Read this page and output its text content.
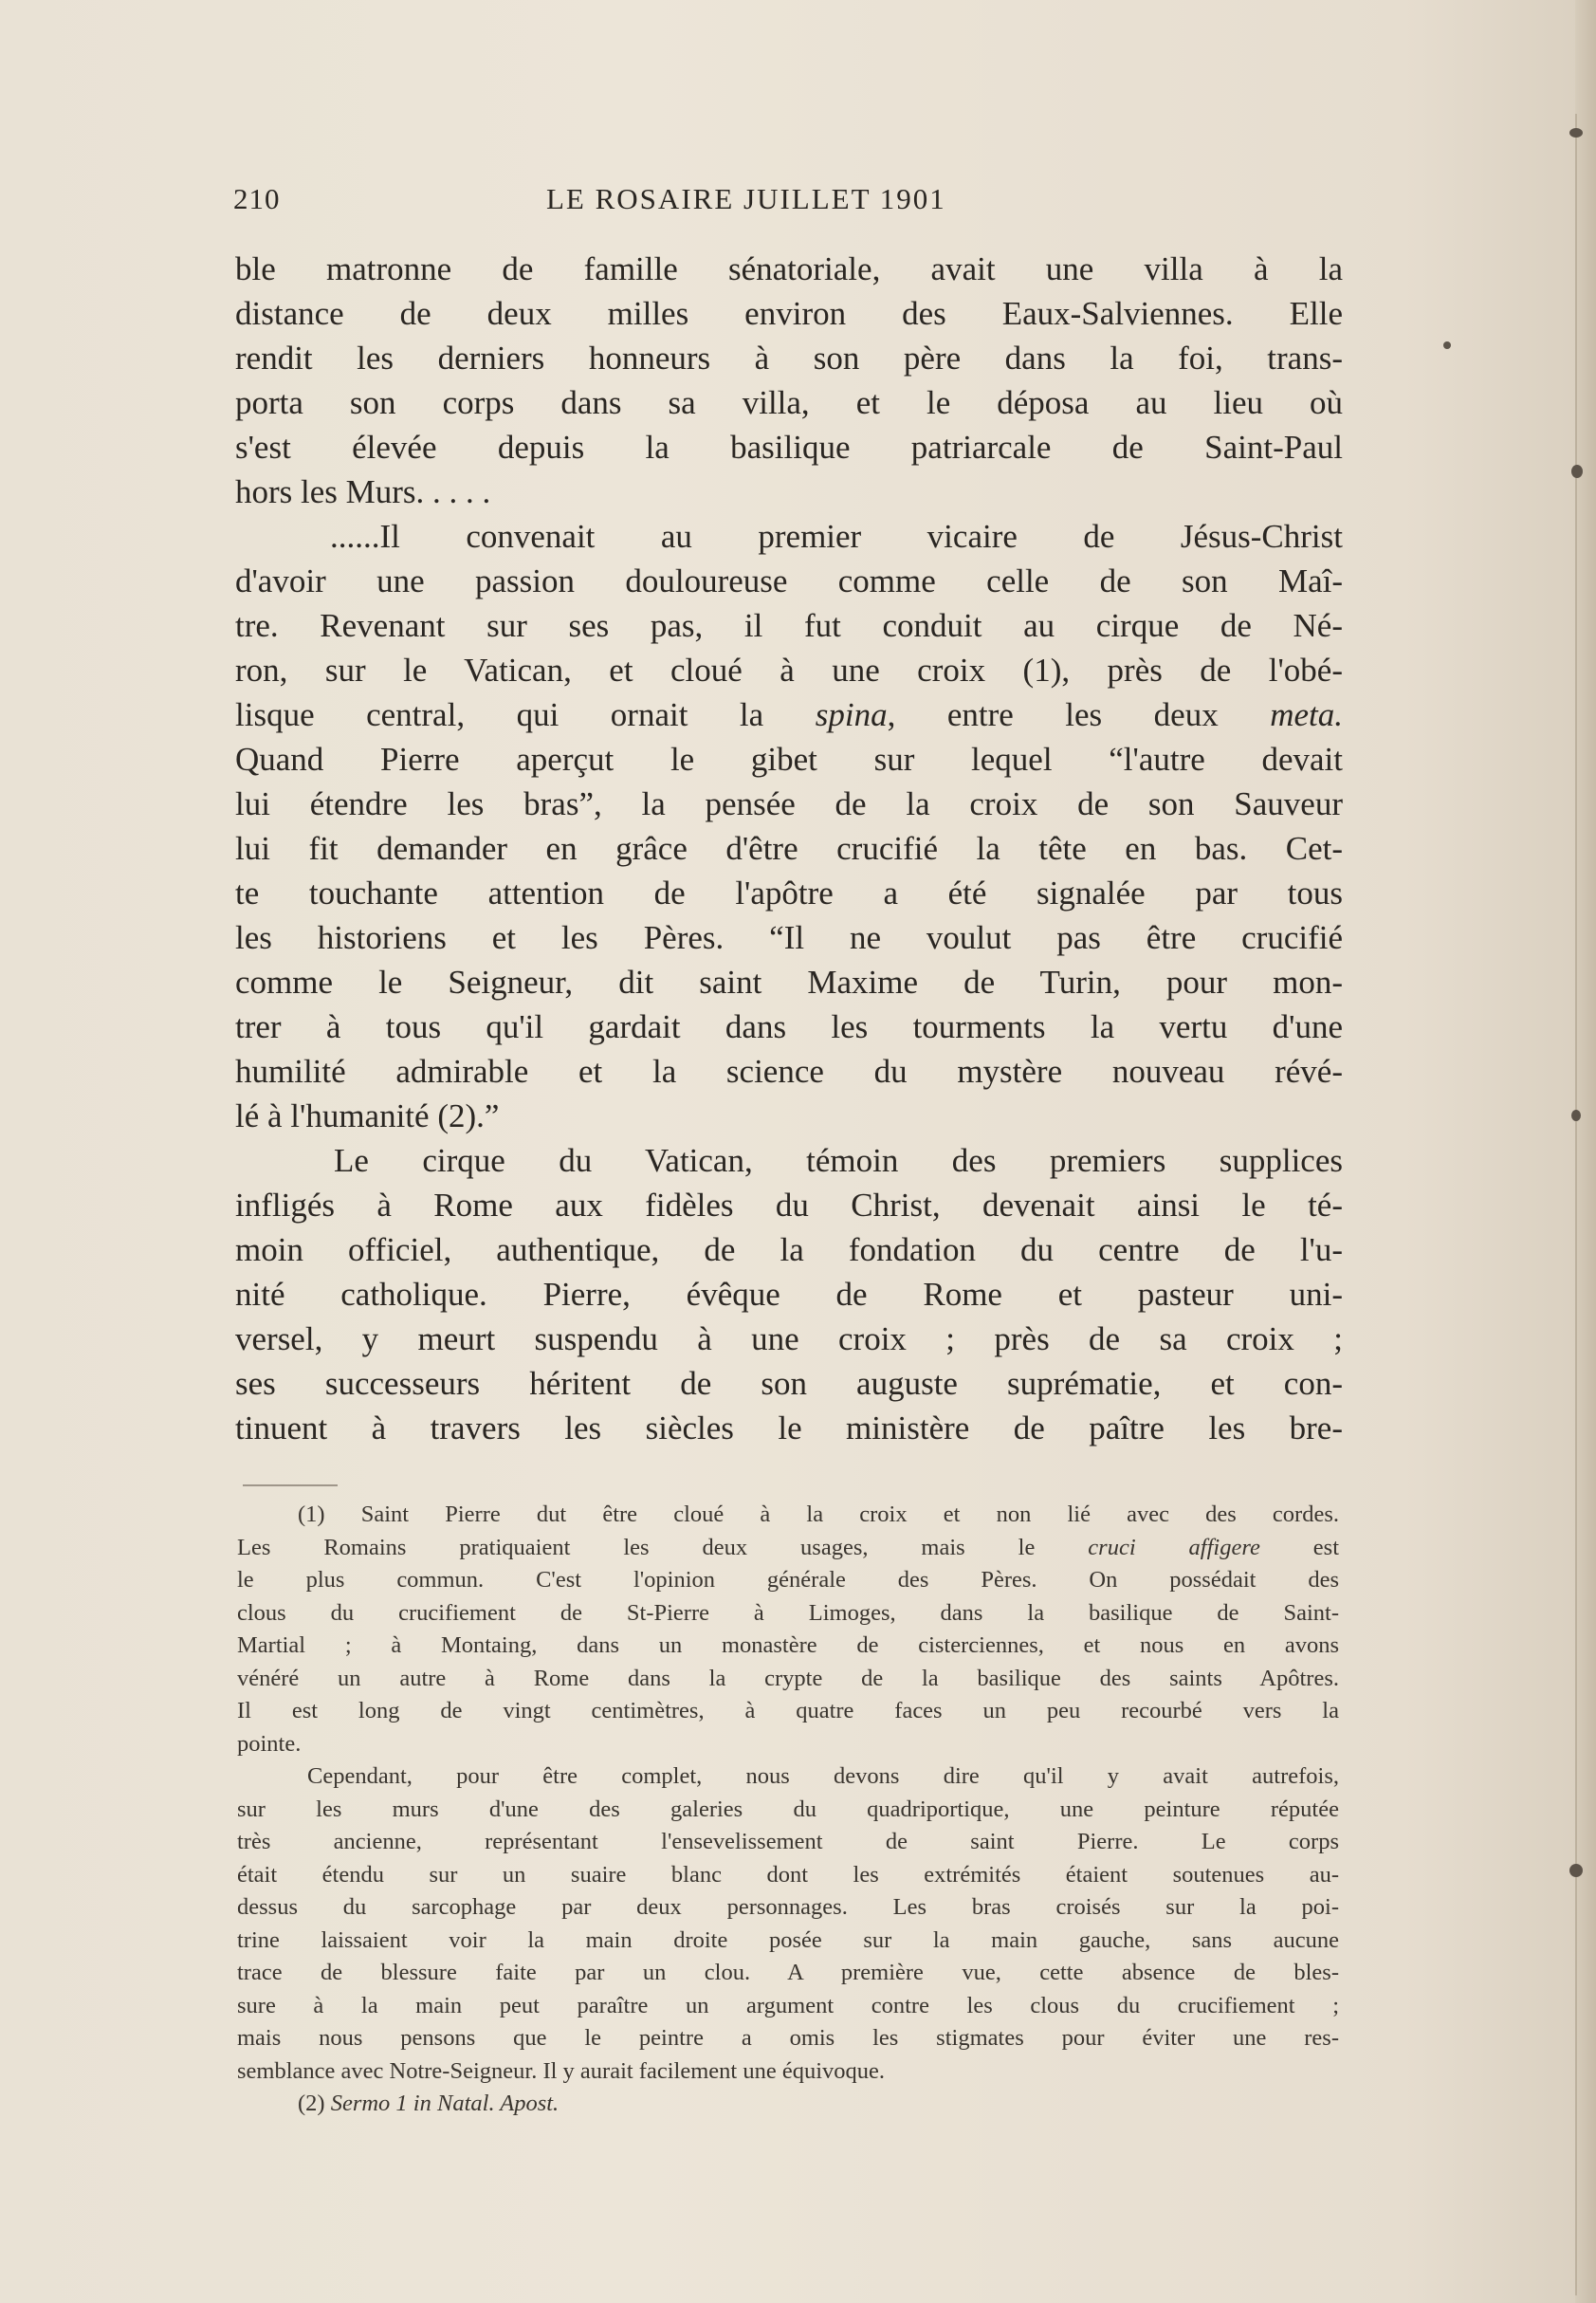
210	LE ROSAIRE JUILLET 1901
ble matronne de famille sénatoriale, avait une villa à la
distance de deux milles environ des Eaux-Salviennes. Elle
rendit les derniers honneurs à son père dans la foi, trans-
porta son corps dans sa villa, et le déposa au lieu où
s'est élevée depuis la basilique patriarcale de Saint-Paul
hors les Murs. . . . .
......Il convenait au premier vicaire de Jésus-Christ
d'avoir une passion douloureuse comme celle de son Maî-
tre. Revenant sur ses pas, il fut conduit au cirque de Né-
ron, sur le Vatican, et cloué à une croix (1), près de l'obé-
lisque central, qui ornait la spina, entre les deux meta.
Quand Pierre aperçut le gibet sur lequel “l'autre devait
lui étendre les bras”, la pensée de la croix de son Sauveur
lui fit demander en grâce d'être crucifié la tête en bas. Cet-
te touchante attention de l'apôtre a été signalée par tous
les historiens et les Pères. “Il ne voulut pas être crucifié
comme le Seigneur, dit saint Maxime de Turin, pour mon-
trer à tous qu'il gardait dans les tourments la vertu d'une
humilité admirable et la science du mystère nouveau révé-
lé à l'humanité (2).”
Le cirque du Vatican, témoin des premiers supplices
infligés à Rome aux fidèles du Christ, devenait ainsi le té-
moin officiel, authentique, de la fondation du centre de l'u-
nité catholique. Pierre, évêque de Rome et pasteur uni-
versel, y meurt suspendu à une croix ; près de sa croix ;
ses successeurs héritent de son auguste suprématie, et con-
tinuent à travers les siècles le ministère de paître les bre-
(1) Saint Pierre dut être cloué à la croix et non lié avec des cordes.
Les Romains pratiquaient les deux usages, mais le cruci affigere est
le plus commun. C'est l'opinion générale des Pères. On possédait des
clous du crucifiement de St-Pierre à Limoges, dans la basilique de Saint-
Martial ; à Montaing, dans un monastère de cisterciennes, et nous en avons
vénéré un autre à Rome dans la crypte de la basilique des saints Apôtres.
Il est long de vingt centimètres, à quatre faces un peu recourbé vers la
pointe.
Cependant, pour être complet, nous devons dire qu'il y avait autrefois,
sur les murs d'une des galeries du quadriportique, une peinture réputée
très ancienne, représentant l'ensevelissement de saint Pierre. Le corps
était étendu sur un suaire blanc dont les extrémités étaient soutenues au-
dessus du sarcophage par deux personnages. Les bras croisés sur la poi-
trine laissaient voir la main droite posée sur la main gauche, sans aucune
trace de blessure faite par un clou. A première vue, cette absence de bles-
sure à la main peut paraître un argument contre les clous du crucifiement ;
mais nous pensons que le peintre a omis les stigmates pour éviter une res-
semblance avec Notre-Seigneur. Il y aurait facilement une équivoque.
(2) Sermo 1 in Natal. Apost.
